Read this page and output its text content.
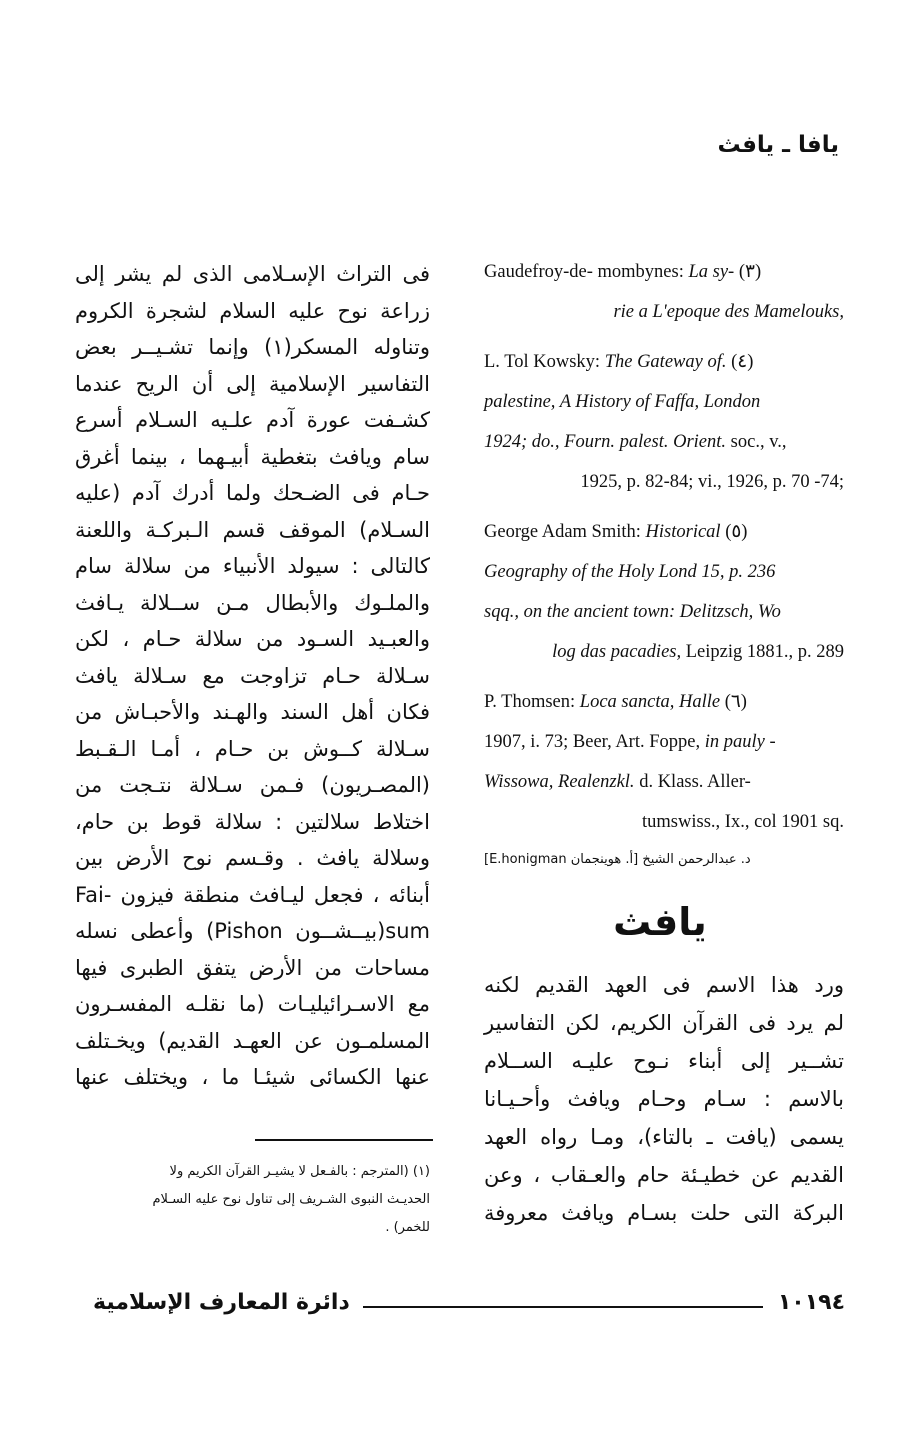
يافا ـ يافث
Gaudefroy-de- mombynes: La sy- (٣)
rie a L'epoque des Mamelouks,
L. Tol Kowsky: The Gateway of. (٤)
palestine, A History of Faffa, London
1924; do., Fourn. palest. Orient. soc., v.,
1925, p. 82-84; vi., 1926, p. 70 -74;
George Adam Smith: Historical (٥)
Geography of the Holy Lond 15, p. 236
sqq., on the ancient town: Delitzsch, Wo
log das pacadies, Leipzig 1881., p. 289
P. Thomsen: Loca sancta, Halle (٦)
1907, i. 73; Beer, Art. Foppe, in pauly -
Wissowa, Realenzkl. d. Klass. Aller-
tumswiss., Ix., col 1901 sq.
د. عبدالرحمن الشيخ [أ. هوينجمان E.honigman]
يافث

ورد هذا الاسم فى العهد القديم لكنه

لم يرد فى القرآن الكريم، لكن التفاسير

تشــير إلى أبناء نـوح عليـه الســلام

بالاسم : سـام وحـام ويافث وأحـيـانا

يسمى (يافت ـ بالتاء)، ومـا رواه العهد

القديم عن خطيـئة حام والعـقاب ، وعن

البركة التى حلت بسـام ويافث معروفة

فى التراث الإسـلامى الذى لم يشر إلى

زراعة نوح عليه السلام لشجرة الكروم

وتناوله المسكر(١) وإنما تشـيــر بعض

التفاسير الإسلامية إلى أن الريح عندما

كشـفت عورة آدم علـيه السـلام أسرع

سام ويافث بتغطية أبيـهما ، بينما أغرق

حـام فى الضـحك ولما أدرك آدم (عليه

السـلام) الموقف قسم الـبركـة واللعنة

كالتالى : سيولد الأنبياء من سلالة سام

والملـوك والأبطال مـن ســلالة يـافث

والعبـيد السـود من سلالة حـام ، لكن

سـلالة حـام تزاوجت مع سـلالة يافث

فكان أهل السند والهـند والأحبـاش من

سـلالة كــوش بن حـام ، أمـا الـقـبط

(المصـريون) فـمن سـلالة نتـجت من

اختلاط سلالتين : سلالة قوط بن حام،

وسلالة يافث . وقـسم نوح الأرض بين

أبنائه ، فجعل ليـافث منطقة فيزون -Fai

sum(بيــشــون Pishon) وأعطى نسله

مساحات من الأرض يتفق الطبرى فيها

مع الاسـرائيليـات (ما نقلـه المفسـرون

المسلمـون عن العهـد القديم) ويخـتلف

عنها الكسائى شيئـا ما ، ويختلف عنها

(١) (المترجم : بالفـعل لا يشيـر القرآن الكريم ولا

الحديـث النبوى الشـريف إلى تناول نوح عليه السـلام

للخمر) .

دائرة المعارف الإسلامية	١٠١٩٤
